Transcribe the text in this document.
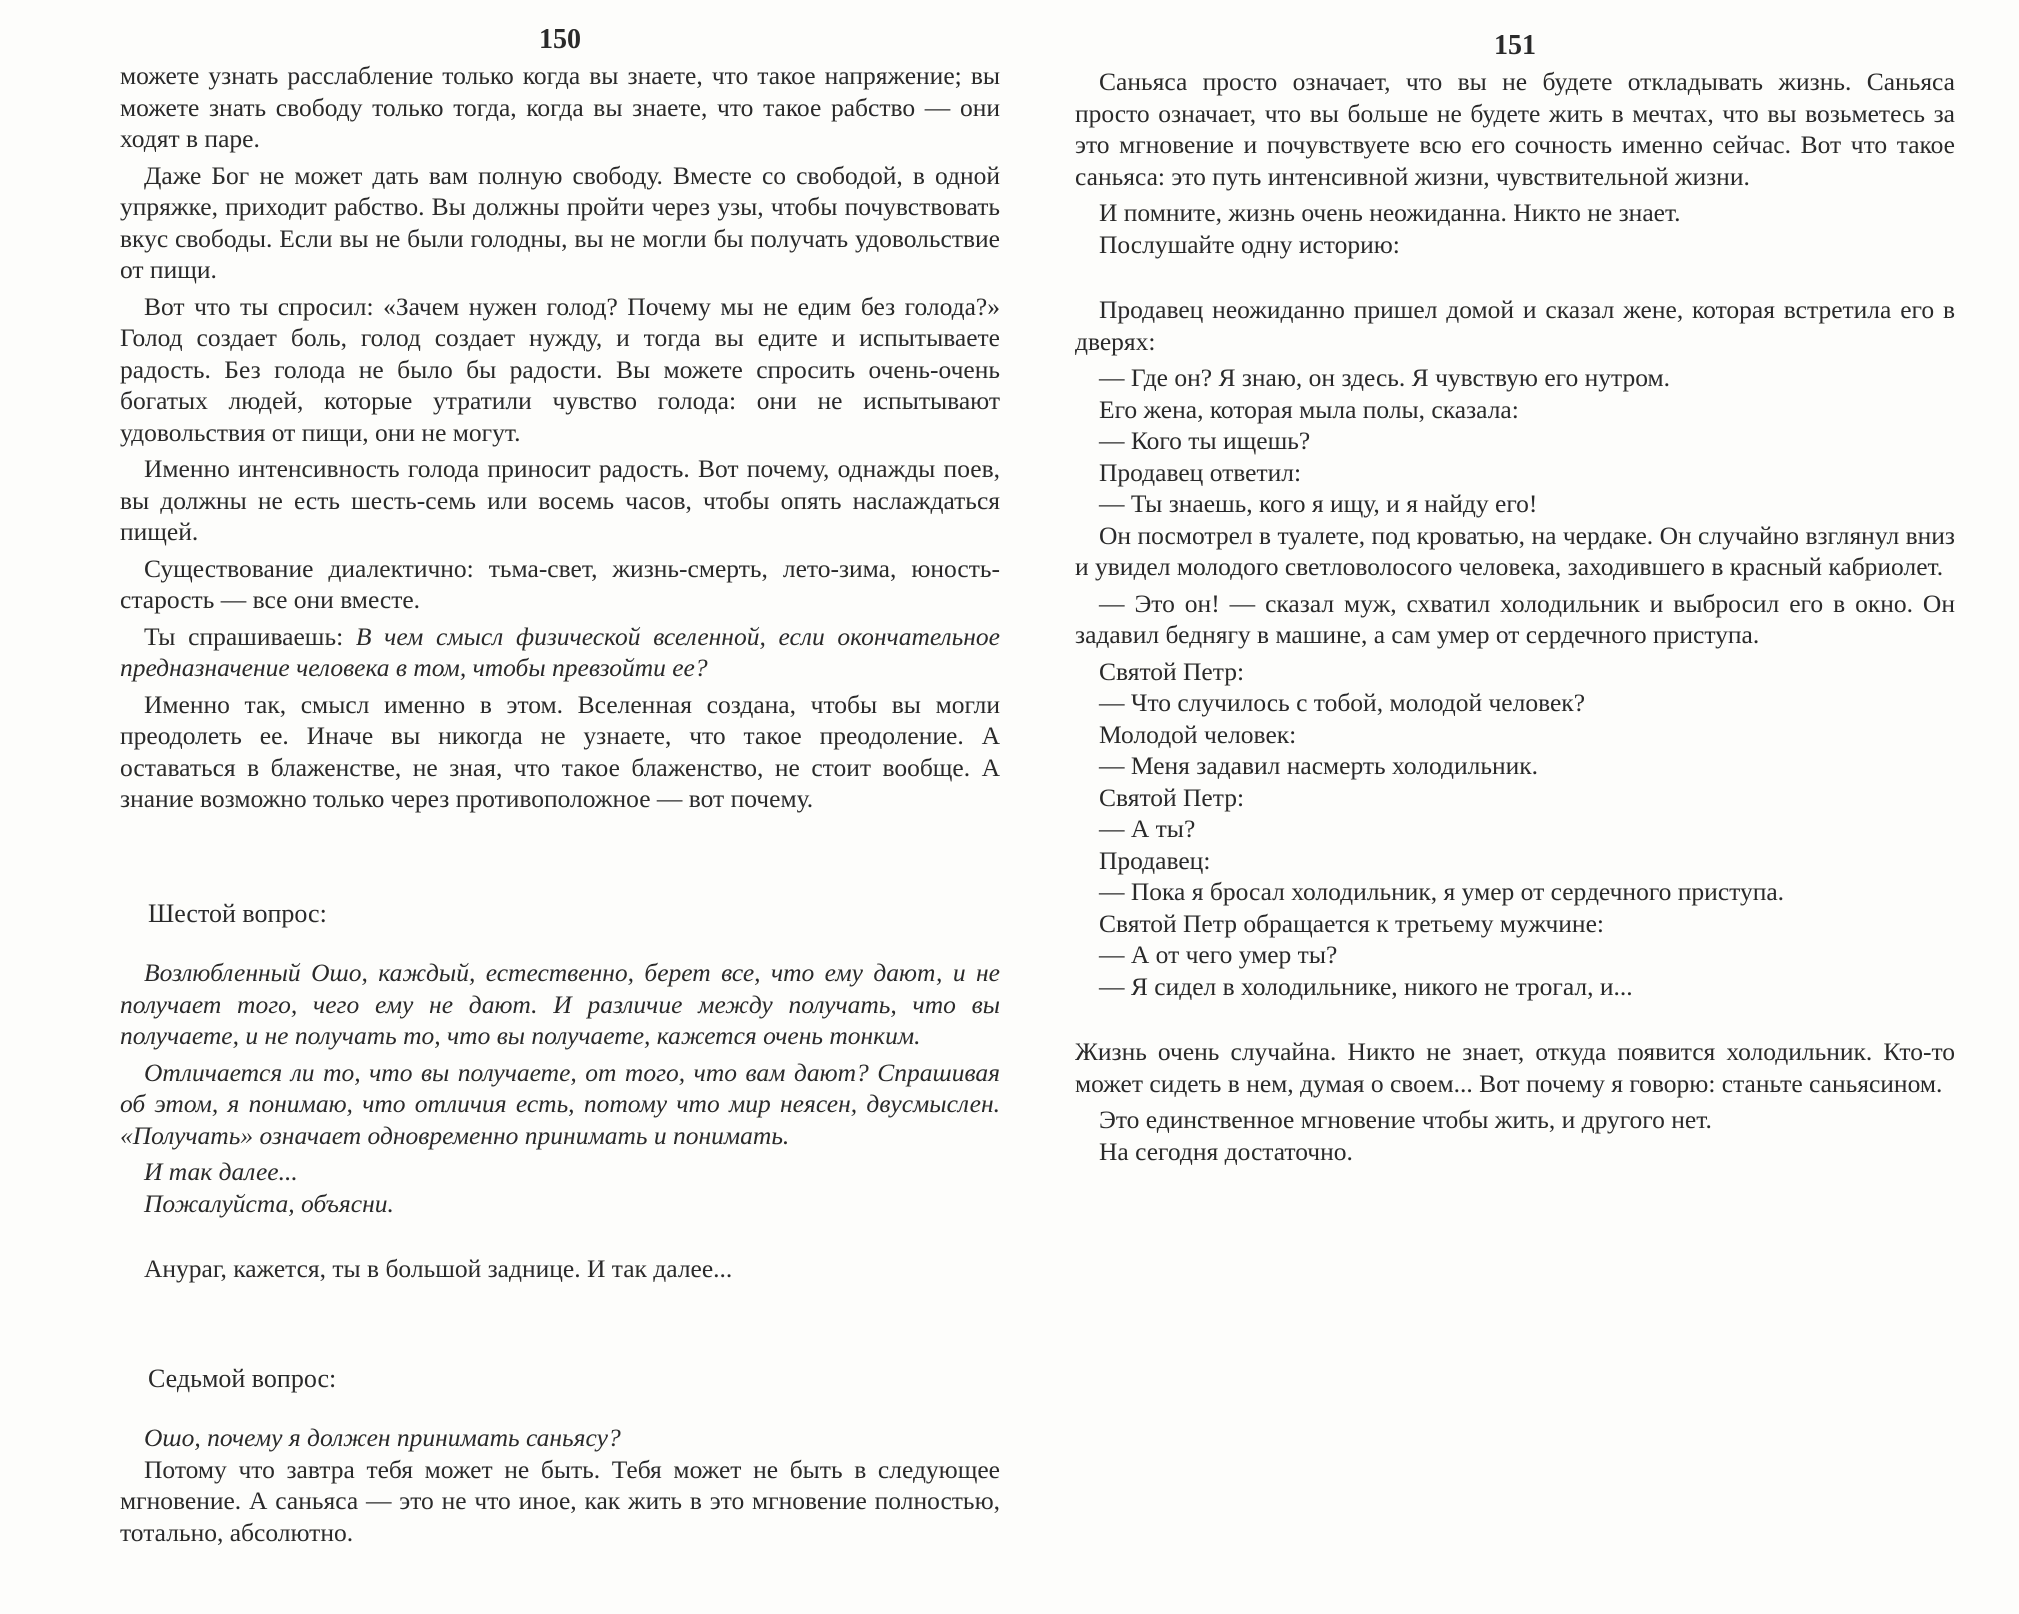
150

можете узнать расслабление только когда вы знаете, что такое напряжение; вы можете знать свободу только тогда, когда вы знаете, что такое рабство — они ходят в паре.

Даже Бог не может дать вам полную свободу. Вместе со свободой, в одной упряжке, приходит рабство. Вы должны пройти через узы, чтобы почувствовать вкус свободы. Если вы не были голодны, вы не могли бы получать удовольствие от пищи.

Вот что ты спросил: «Зачем нужен голод? Почему мы не едим без голода?» Голод создает боль, голод создает нужду, и тогда вы едите и испытываете радость. Без голода не было бы радости. Вы можете спросить очень-очень богатых людей, которые утратили чувство голода: они не испытывают удовольствия от пищи, они не могут.

Именно интенсивность голода приносит радость. Вот почему, однажды поев, вы должны не есть шесть-семь или восемь часов, чтобы опять наслаждаться пищей.

Существование диалектично: тьма-свет, жизнь-смерть, лето-зима, юность-старость — все они вместе.

Ты спрашиваешь: В чем смысл физической вселенной, если окончательное предназначение человека в том, чтобы превзойти ее?

Именно так, смысл именно в этом. Вселенная создана, чтобы вы могли преодолеть ее. Иначе вы никогда не узнаете, что такое преодоление. А оставаться в блаженстве, не зная, что такое блаженство, не стоит вообще. А знание возможно только через противоположное — вот почему.

Шестой вопрос:

Возлюбленный Ошо, каждый, естественно, берет все, что ему дают, и не получает того, чего ему не дают. И различие между получать, что вы получаете, и не получать то, что вы получаете, кажется очень тонким.

Отличается ли то, что вы получаете, от того, что вам дают? Спрашивая об этом, я понимаю, что отличия есть, потому что мир неясен, двусмыслен. «Получать» означает одновременно принимать и понимать.

И так далее...

Пожалуйста, объясни.

Ануpаг, кажется, ты в большой заднице. И так далее...

Седьмой вопрос:

Ошо, почему я должен принимать саньясу?

Потому что завтра тебя может не быть. Тебя может не быть в следующее мгновение. А саньяса — это не что иное, как жить в это мгновение полностью, тотально, абсолютно.

151

Саньяса просто означает, что вы не будете откладывать жизнь. Саньяса просто означает, что вы больше не будете жить в мечтах, что вы возьметесь за это мгновение и почувствуете всю его сочность именно сейчас. Вот что такое саньяса: это путь интенсивной жизни, чувствительной жизни.

И помните, жизнь очень неожиданна. Никто не знает.

Послушайте одну историю:

Продавец неожиданно пришел домой и сказал жене, которая встретила его в дверях:

— Где он? Я знаю, он здесь. Я чувствую его нутром.

Его жена, которая мыла полы, сказала:

— Кого ты ищешь?

Продавец ответил:

— Ты знаешь, кого я ищу, и я найду его!

Он посмотрел в туалете, под кроватью, на чердаке. Он случайно взглянул вниз и увидел молодого светловолосого человека, заходившего в красный кабриолет.

— Это он! — сказал муж, схватил холодильник и выбросил его в окно. Он задавил беднягу в машине, а сам умер от сердечного приступа.

Святой Петр:

— Что случилось с тобой, молодой человек?

Молодой человек:

— Меня задавил насмерть холодильник.

Святой Петр:

— А ты?

Продавец:

— Пока я бросал холодильник, я умер от сердечного приступа.

Святой Петр обращается к третьему мужчине:

— А от чего умер ты?

— Я сидел в холодильнике, никого не трогал, и...

Жизнь очень случайна. Никто не знает, откуда появится холодильник. Кто-то может сидеть в нем, думая о своем... Вот почему я говорю: станьте саньясином.

Это единственное мгновение чтобы жить, и другого нет.

На сегодня достаточно.
